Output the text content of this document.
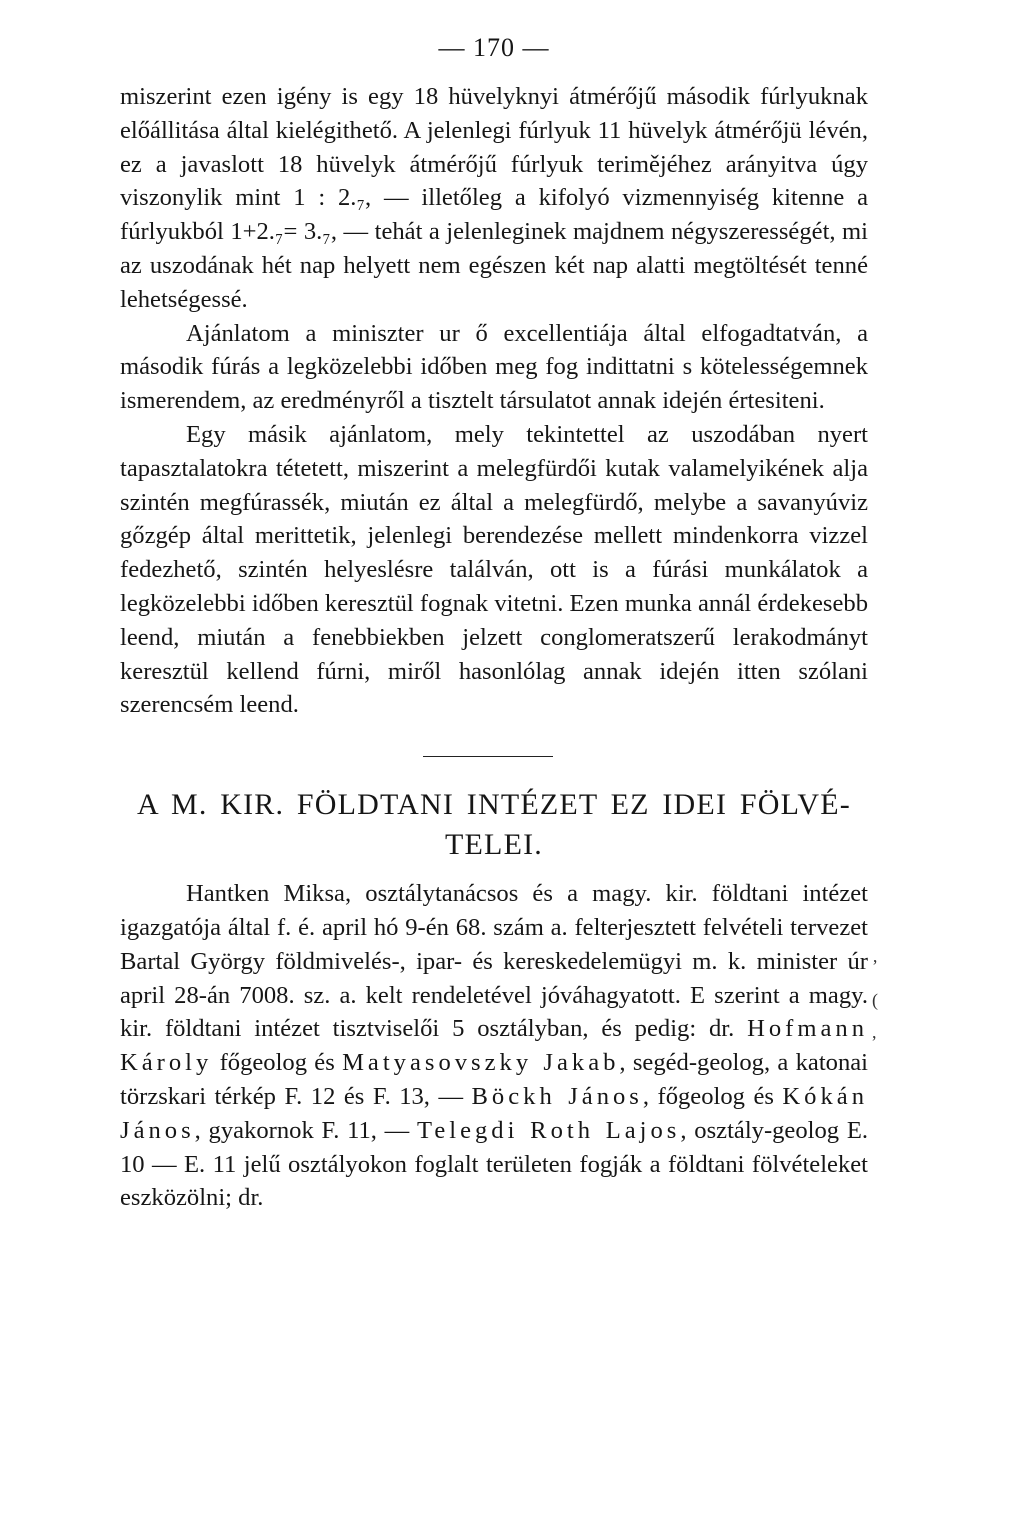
— 170 —

miszerint ezen igény is egy 18 hüvelyknyi átmérőjű második fúrlyuknak előállitása által kielégithető. A jelenlegi fúrlyuk 11 hüvelyk átmérőjü lévén, ez a javaslott 18 hüvelyk átmérőjű fúrlyuk terimějéhez arányitva úgy viszonylik mint 1 : 2.₇, — illetőleg a kifolyó vizmennyiség kitenne a fúrlyukból 1+2.₇= 3.₇, — tehát a jelenleginek majdnem négyszerességét, mi az uszodának hét nap helyett nem egészen két nap alatti megtöltését tenné lehetségessé.

Ajánlatom a miniszter ur ő excellentiája által elfogadtatván, a második fúrás a legközelebbi időben meg fog indittatni s kötelességemnek ismerendem, az eredményről a tisztelt társulatot annak idején értesiteni.

Egy másik ajánlatom, mely tekintettel az uszodában nyert tapasztalatokra tétetett, miszerint a melegfürdői kutak valamelyikének alja szintén megfúrassék, miután ez által a melegfürdő, melybe a savanyúviz gőzgép által merittetik, jelenlegi berendezése mellett mindenkorra vizzel fedezhető, szintén helyeslésre találván, ott is a fúrási munkálatok a legközelebbi időben keresztül fognak vitetni. Ezen munka annál érdekesebb leend, miután a fenebbiekben jelzett conglomeratszerű lerakodmányt keresztül kellend fúrni, miről hasonlólag annak idején itten szólani szerencsém leend.

A M. KIR. FÖLDTANI INTÉZET EZ IDEI FÖLVÉ-
TELEI.

Hantken Miksa, osztálytanácsos és a magy. kir. földtani intézet igazgatója által f. é. april hó 9-én 68. szám a. felterjesztett felvételi tervezet Bartal György földmivelés-, ipar- és kereskedelemügyi m. k. minister úr april 28-án 7008. sz. a. kelt rendeletével jóváhagyatott. E szerint a magy. kir. földtani intézet tisztviselői 5 osztályban, és pedig: dr. Hofmann Károly főgeolog és Matyasovszky Jakab, segéd-geolog, a katonai törzskari térkép F. 12 és F. 13, — Böckh János, főgeolog és Kókán János, gyakornok F. 11, — Telegdi Roth Lajos, osztály-geolog E. 10 — E. 11 jelű osztályokon foglalt területen fogják a földtani fölvételeket eszközölni; dr.

’
(
,
